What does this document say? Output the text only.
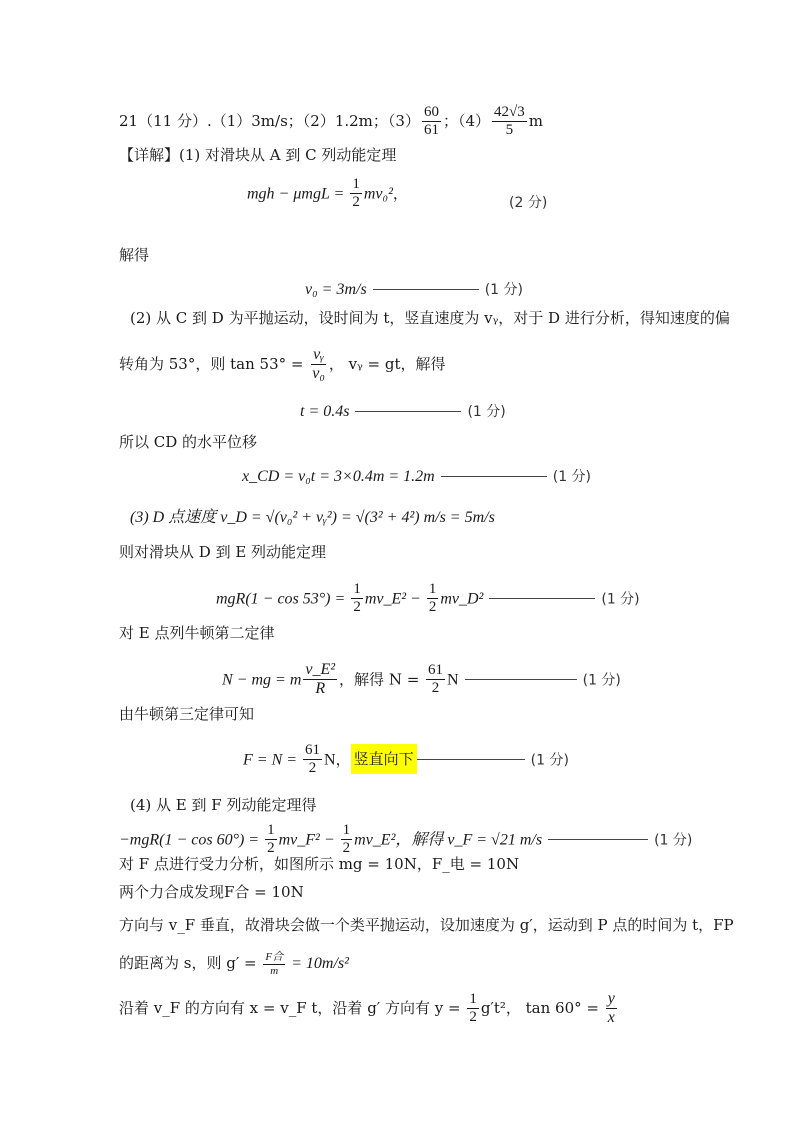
21（11 分）.（1）3m/s；（2）1.2m；$(3) \frac{60}{61}$ ；$(4) \frac{42√3}{5}$ m
【详解】(1) 对滑块从 A 到 C 列动能定理
mgh − $\mu mgL = \frac{1}{2} mv_0^2$，
(2 分)
解得
v₀ = 3m/s	(1 分)
(2) 从 C 到 D 为平抛运动，设时间为 t，竖直速度为 vᵧ，对于 D 进行分析，得知速度的偏
转角为 53°，则 $\tan 53^\circ = \frac{\text{vᵧ}}{\text{v₀}}$ ， vᵧ = gt，解得
t = 0.4s	(1 分)
所以 CD 的水平位移
x_CD = v₀t = 3×0.4m = 1.2m	(1 分)
(3) D 点速度 v_D = √(v₀² + vᵧ²) = √(3² + 4²) m/s = 5m/s
则对滑块从 D 到 E 列动能定理
$mgR(1 - \cos 53^\circ) = \frac{1}{2}$ mv_E² − $\frac{1}{2}$ mv_D²	(1 分)
对 E 点列牛顿第二定律
N − mg = m $\frac{\text{v\_E²}}{R}$ ，解得 $N = \frac{61}{2}$ N	(1 分)
由牛顿第三定律可知
$F = N = \frac{61}{2}$ N， 竖直向下	(1 分)
(4) 从 E 到 F 列动能定理得
$-mgR(1 - \cos 60^\circ) = \frac{1}{2}$ mv_F² − $\frac{1}{2}$ mv_E²，解得 v_F = √21 m/s	(1 分)
对 F 点进行受力分析，如图所示 mg = 10N，F_电 = 10N
两个力合成发现F合 = 10N
方向与 v_F 垂直，故滑块会做一个类平抛运动，设加速度为 g′，运动到 P 点的时间为 t，FP
的距离为 s，则 $g' = \frac{\text{F合}}{m} = 10m/s^2$
沿着 v_F 的方向有 x = v_F t，沿着 g′ 方向有 $y = \frac{1}{2} g't^2$， $\tan 60^\circ = \frac{y}{x}$
